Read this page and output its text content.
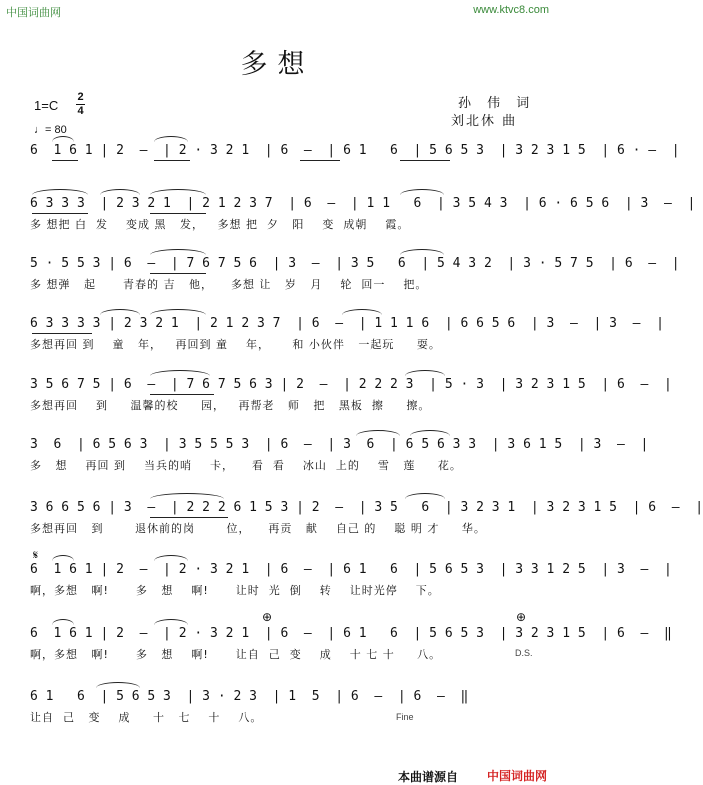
中国词曲网	www.ktvc8.com
多想
1=C
2
4
♩= 80
孙 伟 词
刘北休 曲
6  1 6 1 | 2  –  | 2 · 3 2 1  | 6  –  | 6 1   6  | 5 6 5 3  | 3 2 3 1 5  | 6 · –  |
6 3 3 3  | 2 3 2 1  | 2 1 2 3 7  | 6  –  | 1 1   6  | 3 5 4 3  | 6 · 6 5 6  | 3  –  |
多 想把 白  发    变成 黑   发，   多想 把  夕   阳    变  成朝    霞。
5 · 5 5 3 | 6  –  | 7 6 7 5 6  | 3  –  | 3 5   6  | 5 4 3 2  | 3 · 5 7 5  | 6  –  |
多 想弹   起      青春的 吉   他，    多想 让   岁   月    轮  回一    把。
6 3 3 3 3 | 2 3 2 1  | 2 1 2 3 7  | 6  –  | 1 1 1 6  | 6 6 5 6  | 3  –  | 3  –  |
多想再回 到    童   年，   再回到 童    年，     和 小伙伴   一起玩     耍。
3 5 6 7 5 | 6  –  | 7 6 7 5 6 3 | 2  –  | 2 2 2 3  | 5 · 3  | 3 2 3 1 5  | 6  –  |
多想再回    到     温馨的校     园，   再帮老   师   把   黑板  擦     擦。
3  6  | 6 5 6 3  | 3 5 5 5 3  | 6  –  | 3  6  | 6 5 6 3 3  | 3 6 1 5  | 3  –  |
多   想    再回 到    当兵的哨    卡，    看  看    冰山  上的    雪   莲     花。
3 6 6 5 6 | 3  –  | 2 2 2 6 1 5 3 | 2  –  | 3 5   6  | 3 2 3 1  | 3 2 3 1 5  | 6  –  |
多想再回   到       退休前的岗       位，    再贡   献    自己 的    聪 明 才     华。
𝄋
6  1 6 1 | 2  –  | 2 · 3 2 1  | 6  –  | 6 1   6  | 5 6 5 3  | 3 3 1 2 5  | 3  –  |
啊，多想   啊!      多   想    啊!      让时  光  倒    转    让时光停    下。
⊕	⊕
6  1 6 1 | 2  –  | 2 · 3 2 1  | 6  –  | 6 1   6  | 5 6 5 3  | 3 2 3 1 5  | 6  –  ‖
啊，多想   啊!      多   想    啊!      让自  己  变    成    十 七 十     八。	D.S.
6 1   6  | 5 6 5 3  | 3 · 2 3  | 1  5  | 6  –  | 6  –  ‖
让自  己   变    成     十   七    十    八。	Fine
本曲谱源自 中国词曲网
